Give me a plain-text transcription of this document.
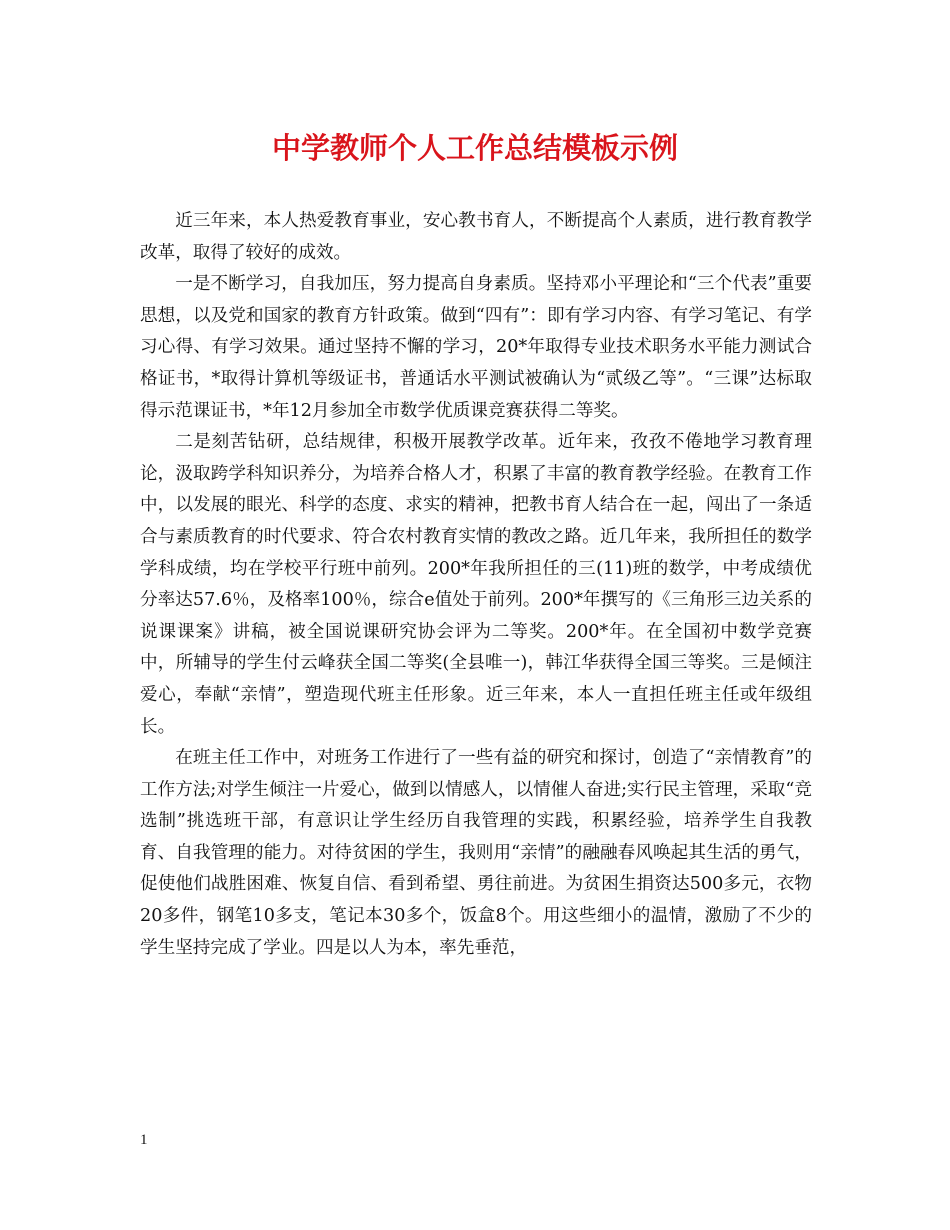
中学教师个人工作总结模板示例

近三年来，本人热爱教育事业，安心教书育人，不断提高个人素质，进行教育教学改革，取得了较好的成效。

一是不断学习，自我加压，努力提高自身素质。坚持邓小平理论和“三个代表”重要思想，以及党和国家的教育方针政策。做到“四有”：即有学习内容、有学习笔记、有学习心得、有学习效果。通过坚持不懈的学习，20*年取得专业技术职务水平能力测试合格证书，*取得计算机等级证书，普通话水平测试被确认为“贰级乙等”。“三课”达标取得示范课证书，*年12月参加全市数学优质课竞赛获得二等奖。

二是刻苦钻研，总结规律，积极开展教学改革。近年来，孜孜不倦地学习教育理论，汲取跨学科知识养分，为培养合格人才，积累了丰富的教育教学经验。在教育工作中，以发展的眼光、科学的态度、求实的精神，把教书育人结合在一起，闯出了一条适合与素质教育的时代要求、符合农村教育实情的教改之路。近几年来，我所担任的数学学科成绩，均在学校平行班中前列。200*年我所担任的三(11)班的数学，中考成绩优分率达57.6％，及格率100％，综合e值处于前列。200*年撰写的《三角形三边关系的说课课案》讲稿，被全国说课研究协会评为二等奖。200*年。在全国初中数学竞赛中，所辅导的学生付云峰获全国二等奖(全县唯一)，韩江华获得全国三等奖。三是倾注爱心，奉献“亲情”，塑造现代班主任形象。近三年来，本人一直担任班主任或年级组长。

在班主任工作中，对班务工作进行了一些有益的研究和探讨，创造了“亲情教育”的工作方法;对学生倾注一片爱心，做到以情感人，以情催人奋进;实行民主管理，采取“竞选制”挑选班干部，有意识让学生经历自我管理的实践，积累经验，培养学生自我教育、自我管理的能力。对待贫困的学生，我则用“亲情”的融融春风唤起其生活的勇气，促使他们战胜困难、恢复自信、看到希望、勇往前进。为贫困生捐资达500多元，衣物20多件，钢笔10多支，笔记本30多个，饭盒8个。用这些细小的温情，激励了不少的学生坚持完成了学业。四是以人为本，率先垂范，

1
